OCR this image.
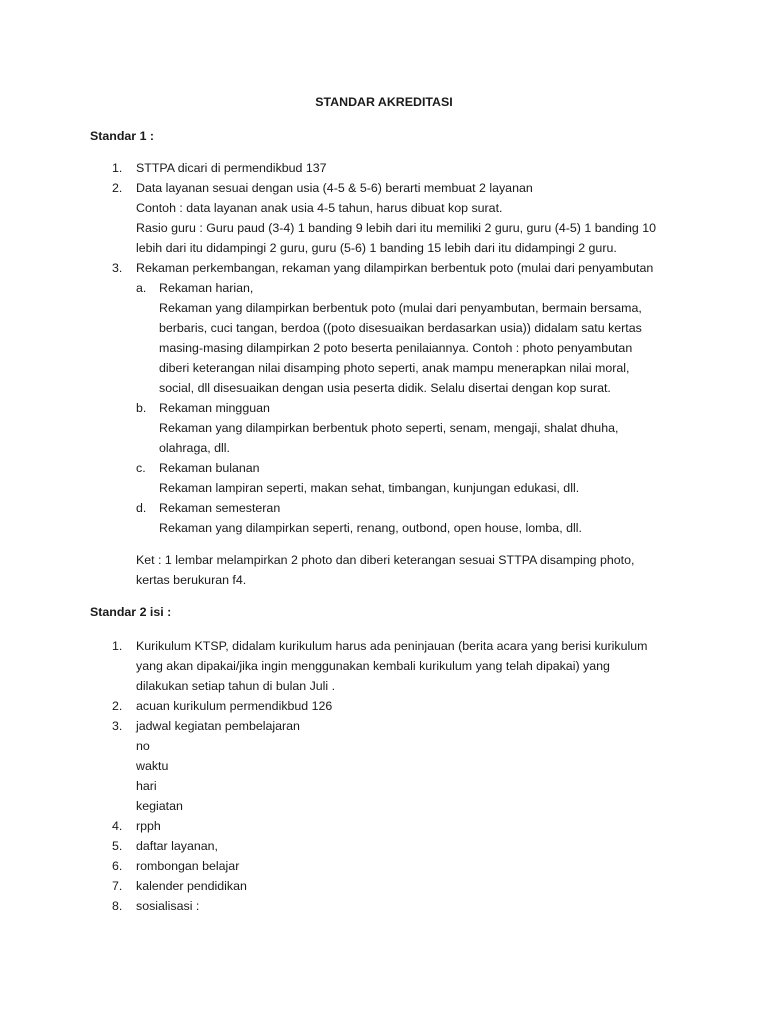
STANDAR AKREDITASI
Standar 1 :
1.	STTPA dicari di permendikbud 137
2.	Data layanan sesuai dengan usia (4-5 & 5-6) berarti membuat 2 layanan
Contoh : data layanan anak usia 4-5 tahun, harus dibuat kop surat.
Rasio guru : Guru paud (3-4) 1 banding 9 lebih dari itu memiliki 2 guru, guru (4-5) 1 banding 10
lebih dari itu didampingi 2 guru, guru (5-6) 1 banding 15 lebih dari itu didampingi 2 guru.
3.	Rekaman perkembangan, rekaman yang dilampirkan berbentuk poto (mulai dari penyambutan
a.	Rekaman harian,
Rekaman yang dilampirkan berbentuk poto (mulai dari penyambutan, bermain bersama,
berbaris, cuci tangan, berdoa ((poto disesuaikan berdasarkan usia)) didalam satu kertas
masing-masing dilampirkan 2 poto beserta penilaiannya. Contoh : photo penyambutan
diberi keterangan nilai disamping photo seperti, anak mampu menerapkan nilai moral,
social, dll disesuaikan dengan usia peserta didik. Selalu disertai dengan kop surat.
b.	Rekaman mingguan
Rekaman yang dilampirkan berbentuk photo seperti, senam, mengaji, shalat dhuha,
olahraga, dll.
c.	Rekaman bulanan
Rekaman lampiran seperti, makan sehat, timbangan, kunjungan edukasi, dll.
d.	Rekaman semesteran
Rekaman yang dilampirkan seperti, renang, outbond, open house, lomba, dll.
Ket : 1 lembar melampirkan 2 photo dan diberi keterangan sesuai STTPA disamping photo,
kertas berukuran f4.
Standar 2 isi :
1.	Kurikulum KTSP, didalam kurikulum harus ada peninjauan (berita acara yang berisi kurikulum
yang akan dipakai/jika ingin menggunakan kembali kurikulum yang telah dipakai) yang
dilakukan setiap tahun di bulan Juli .
2.	acuan kurikulum permendikbud 126
3.	jadwal kegiatan pembelajaran
no
waktu
hari
kegiatan
4.	rpph
5.	daftar layanan,
6.	rombongan belajar
7.	kalender pendidikan
8.	sosialisasi :
